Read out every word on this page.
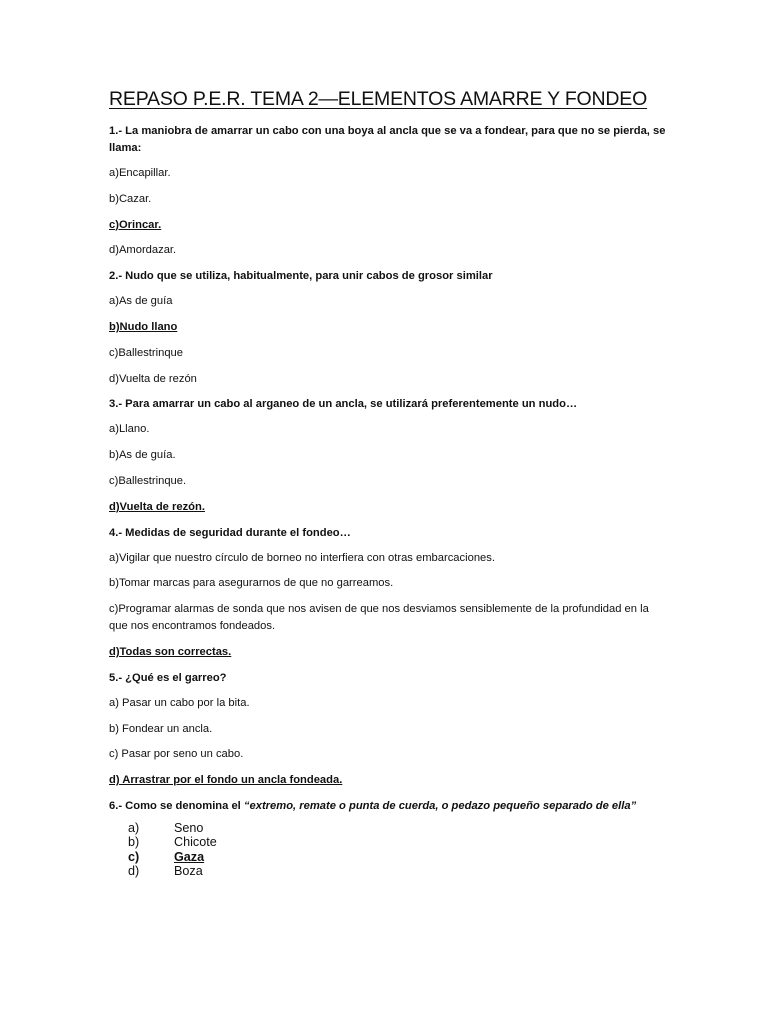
REPASO P.E.R. TEMA 2—ELEMENTOS AMARRE Y FONDEO

1.- La maniobra de amarrar un cabo con una boya al ancla que se va a fondear, para que no se pierda, se llama:

a)Encapillar.

b)Cazar.

c)Orincar.

d)Amordazar.

2.- Nudo que se utiliza, habitualmente, para unir cabos de grosor similar

a)As de guía

b)Nudo llano

c)Ballestrinque

d)Vuelta de rezón

3.- Para amarrar un cabo al arganeo de un ancla, se utilizará preferentemente un nudo…

a)Llano.

b)As de guía.

c)Ballestrinque.

d)Vuelta de rezón.

4.- Medidas de seguridad durante el fondeo…

a)Vigilar que nuestro círculo de borneo no interfiera con otras embarcaciones.

b)Tomar marcas para asegurarnos de que no garreamos.

c)Programar alarmas de sonda que nos avisen de que nos desviamos sensiblemente de la profundidad en la que nos encontramos fondeados.

d)Todas son correctas.

5.- ¿Qué es el garreo?

a) Pasar un cabo por la bita.

b) Fondear un ancla.

c) Pasar por seno un cabo.

d) Arrastrar por el fondo un ancla fondeada.

6.- Como se denomina el “extremo, remate o punta de cuerda, o pedazo pequeño separado de ella”

a)	Seno
b)	Chicote
c)	Gaza
d)	Boza
